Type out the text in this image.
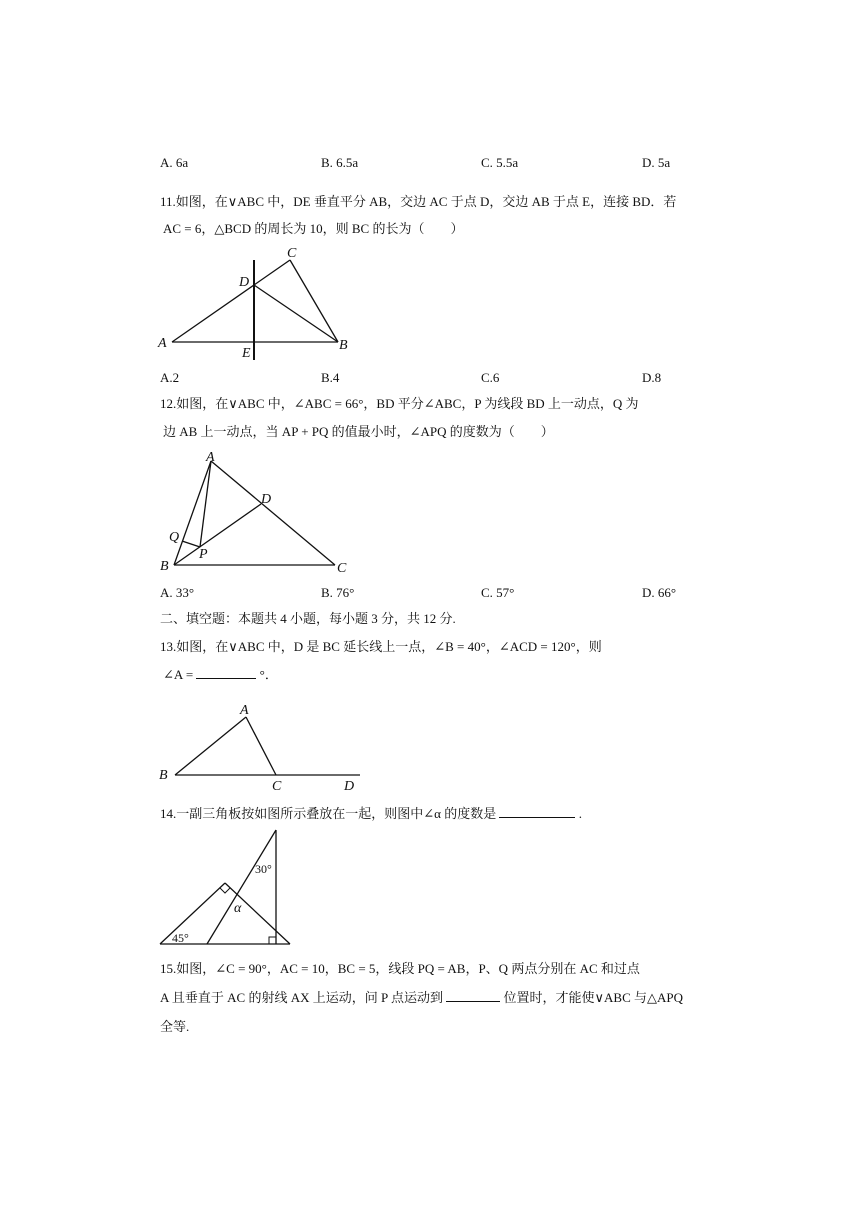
A. 6a	B. 6.5a	C. 5.5a	D. 5a
11.如图，在∨ABC 中，DE 垂直平分 AB，交边 AC 于点 D，交边 AB 于点 E，连接 BD．若
AC = 6，△BCD 的周长为 10，则 BC 的长为（　　）
A	B
C
D
E
A.2	B.4	C.6	D.8
12.如图，在∨ABC 中，∠ABC = 66°，BD 平分∠ABC，P 为线段 BD 上一动点，Q 为
边 AB 上一动点，当 AP + PQ 的值最小时，∠APQ 的度数为（　　）
A
B	C
D
P
Q
A. 33°	B. 76°	C. 57°	D. 66°
二、填空题：本题共 4 小题，每小题 3 分，共 12 分.
13.如图，在∨ABC 中，D 是 BC 延长线上一点，∠B = 40°，∠ACD = 120°，则
∠A =	°．
A
B
C	D
14.一副三角板按如图所示叠放在一起，则图中∠α 的度数是	.
30°
45°
α
15.如图，∠C = 90°，AC = 10，BC = 5，线段 PQ = AB，P、Q 两点分别在 AC 和过点
A 且垂直于 AC 的射线 AX 上运动，问 P 点运动到	位置时，才能使∨ABC 与△APQ
全等.
